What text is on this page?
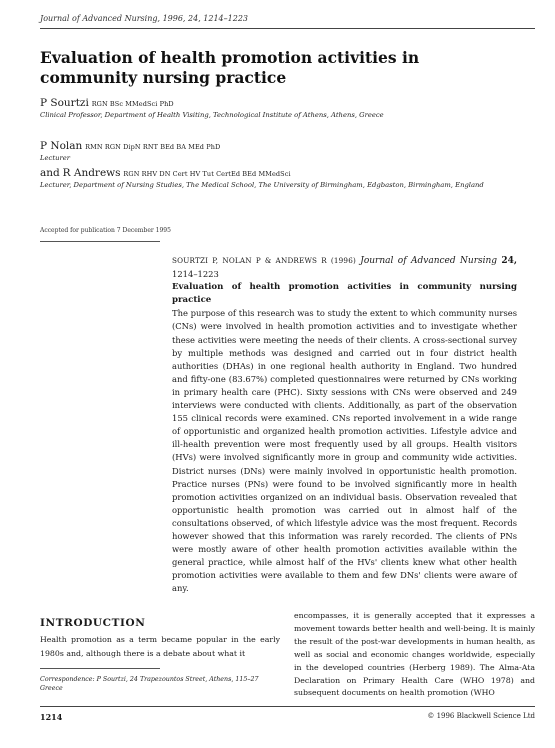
Journal of Advanced Nursing, 1996, 24, 1214–1223
Evaluation of health promotion activities in community nursing practice
P Sourtzi RGN BSc MMedSci PhD
Clinical Professor, Department of Health Visiting, Technological Institute of Athens, Athens, Greece
P Nolan RMN RGN DipN RNT BEd BA MEd PhD
Lecturer
and R Andrews RGN RHV DN Cert HV Tut CertEd BEd MMedSci
Lecturer, Department of Nursing Studies, The Medical School, The University of Birmingham, Edgbaston, Birmingham, England
Accepted for publication 7 December 1995
SOURTZI P, NOLAN P & ANDREWS R (1996) Journal of Advanced Nursing 24, 1214–1223
Evaluation of health promotion activities in community nursing practice
The purpose of this research was to study the extent to which community nurses (CNs) were involved in health promotion activities and to investigate whether these activities were meeting the needs of their clients. A cross-sectional survey by multiple methods was designed and carried out in four district health authorities (DHAs) in one regional health authority in England. Two hundred and fifty-one (83.67%) completed questionnaires were returned by CNs working in primary health care (PHC). Sixty sessions with CNs were observed and 249 interviews were conducted with clients. Additionally, as part of the observation 155 clinical records were examined. CNs reported involvement in a wide range of opportunistic and organized health promotion activities. Lifestyle advice and ill-health prevention were most frequently used by all groups. Health visitors (HVs) were involved significantly more in group and community wide activities. District nurses (DNs) were mainly involved in opportunistic health promotion. Practice nurses (PNs) were found to be involved significantly more in health promotion activities organized on an individual basis. Observation revealed that opportunistic health promotion was carried out in almost half of the consultations observed, of which lifestyle advice was the most frequent. Records however showed that this information was rarely recorded. The clients of PNs were mostly aware of other health promotion activities available within the general practice, while almost half of the HVs' clients knew what other health promotion activities were available to them and few DNs' clients were aware of any.
INTRODUCTION
Health promotion as a term became popular in the early 1980s and, although there is a debate about what it
Correspondence: P Sourtzi, 24 Trapezountos Street, Athens, 115–27 Greece
encompasses, it is generally accepted that it expresses a movement towards better health and well-being. It is mainly the result of the post-war developments in human health, as well as social and economic changes worldwide, especially in the developed countries (Herberg 1989). The Alma-Ata Declaration on Primary Health Care (WHO 1978) and subsequent documents on health promotion (WHO
1214	© 1996 Blackwell Science Ltd
